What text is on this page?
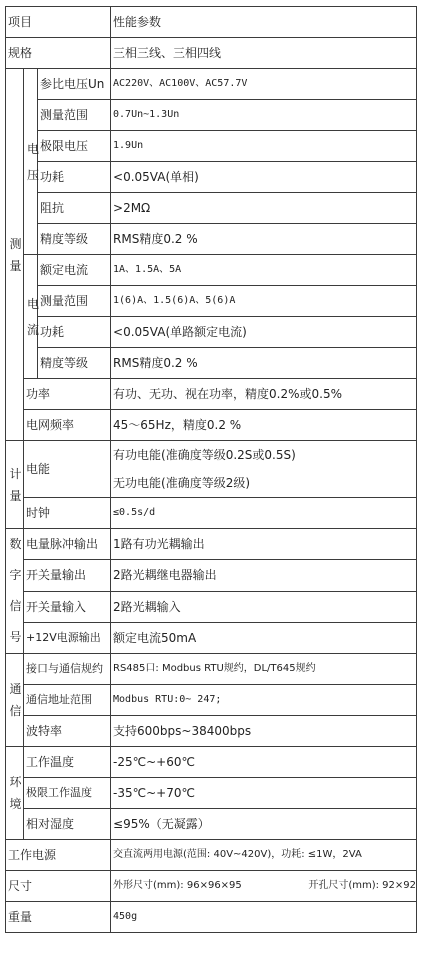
项目			性能参数
规格			三相三线、三相四线
测量	电压	参比电压Un	AC220V、AC100V、AC57.7V
		测量范围	0.7Un~1.3Un
		极限电压	1.9Un
		功耗	<0.05VA(单相)
		阻抗	>2MΩ
		精度等级	RMS精度0.2 %
	电流	额定电流	1A、1.5A、5A
		测量范围	1(6)A、1.5(6)A、5(6)A
		功耗	<0.05VA(单路额定电流)
		精度等级	RMS精度0.2 %
	功率		有功、无功、视在功率，精度0.2%或0.5%
	电网频率		45～65Hz，精度0.2 %
计量	电能		有功电能(准确度等级0.2S或0.5S)
无功电能(准确度等级2级)

	时钟		≤0.5s/d
数字信号	电量脉冲输出		1路有功光耦输出
	开关量输出		2路光耦继电器输出
	开关量输入		2路光耦输入
	+12V电源输出		额定电流50mA
通信	接口与通信规约		RS485口: Modbus RTU规约，DL/T645规约
	通信地址范围		Modbus RTU:0~ 247;
	波特率		支持600bps~38400bps
环境	工作温度		-25℃~+60℃
	极限工作温度		-35℃~+70℃
	相对湿度		≤95%（无凝露）
工作电源			交直流两用电源(范围: 40V~420V)，功耗: ≤1W，2VA
尺寸			外形尺寸(mm): 96×96×95 开孔尺寸(mm): 92×92

重量			450g
